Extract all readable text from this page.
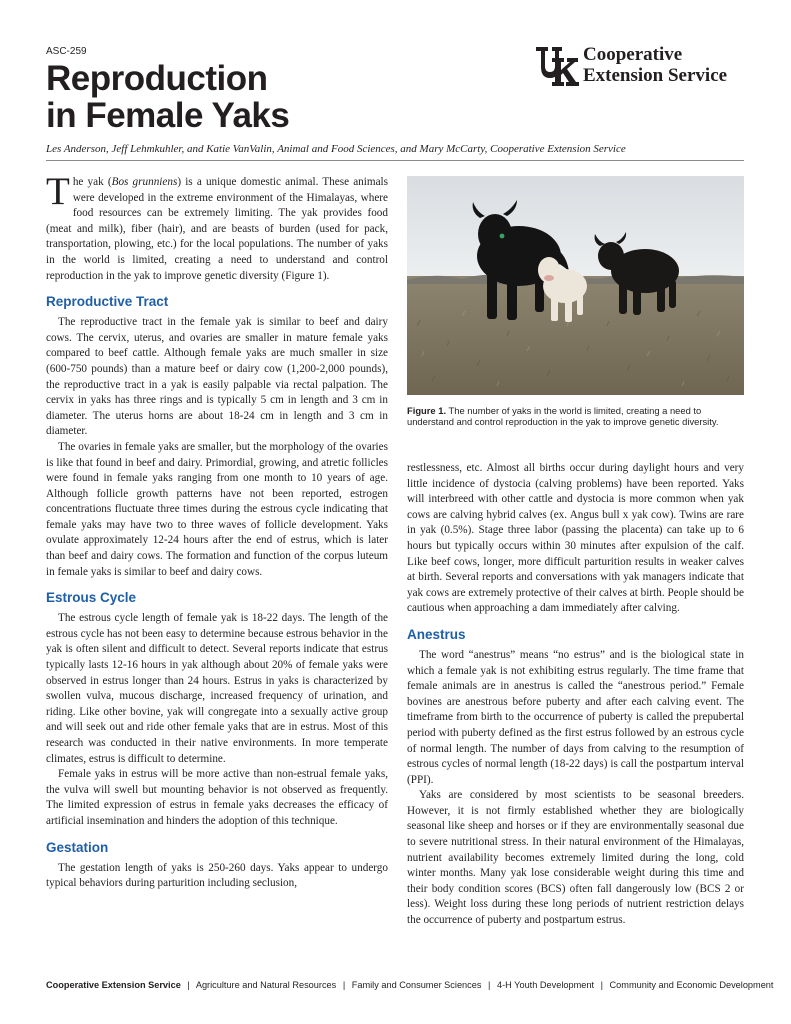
ASC-259
Reproduction
in Female Yaks
Cooperative
Extension Service
Les Anderson, Jeff Lehmkuhler, and Katie VanValin, Animal and Food Sciences, and Mary McCarty, Cooperative Extension Service

The yak (Bos grunniens) is a unique domestic animal. These animals were developed in the extreme environment of the Himalayas, where food resources can be extremely limiting. The yak provides food (meat and milk), fiber (hair), and are beasts of burden (used for pack, transportation, plowing, etc.) for the local populations. The number of yaks in the world is limited, creating a need to understand and control reproduction in the yak to improve genetic diversity (Figure 1).

Reproductive Tract

The reproductive tract in the female yak is similar to beef and dairy cows. The cervix, uterus, and ovaries are smaller in mature female yaks compared to beef cattle. Although female yaks are much smaller in size (600-750 pounds) than a mature beef or dairy cow (1,200-2,000 pounds), the reproductive tract in a yak is easily palpable via rectal palpation. The cervix in yaks has three rings and is typically 5 cm in length and 3 cm in diameter. The uterus horns are about 18-24 cm in length and 3 cm in diameter.

The ovaries in female yaks are smaller, but the morphology of the ovaries is like that found in beef and dairy. Primordial, growing, and atretic follicles were found in female yaks ranging from one month to 10 years of age. Although follicle growth patterns have not been reported, estrogen concentrations fluctuate three times during the estrous cycle indicating that female yaks may have two to three waves of follicle development. Yaks ovulate approximately 12-24 hours after the end of estrus, which is later than beef and dairy cows. The formation and function of the corpus luteum in female yaks is similar to beef and dairy cows.

Estrous Cycle

The estrous cycle length of female yak is 18-22 days. The length of the estrous cycle has not been easy to determine because estrous behavior in the yak is often silent and difficult to detect. Several reports indicate that estrus typically lasts 12-16 hours in yak although about 20% of female yaks were observed in estrus longer than 24 hours. Estrus in yaks is characterized by swollen vulva, mucous discharge, increased frequency of urination, and riding. Like other bovine, yak will congregate into a sexually active group and will seek out and ride other female yaks that are in estrus. Most of this research was conducted in their native environments. In more temperate climates, estrus is difficult to determine.

Female yaks in estrus will be more active than non-estrual female yaks, the vulva will swell but mounting behavior is not observed as frequently. The limited expression of estrus in female yaks decreases the efficacy of artificial insemination and hinders the adoption of this technique.

Gestation

The gestation length of yaks is 250-260 days. Yaks appear to undergo typical behaviors during parturition including seclusion,

Figure 1. The number of yaks in the world is limited, creating a need to understand and control reproduction in the yak to improve genetic diversity.

restlessness, etc. Almost all births occur during daylight hours and very little incidence of dystocia (calving problems) have been reported. Yaks will interbreed with other cattle and dystocia is more common when yak cows are calving hybrid calves (ex. Angus bull x yak cow). Twins are rare in yak (0.5%). Stage three labor (passing the placenta) can take up to 6 hours but typically occurs within 30 minutes after expulsion of the calf. Like beef cows, longer, more difficult parturition results in weaker calves at birth. Several reports and conversations with yak managers indicate that yak cows are extremely protective of their calves at birth. People should be cautious when approaching a dam immediately after calving.

Anestrus

The word “anestrus” means “no estrus” and is the biological state in which a female yak is not exhibiting estrus regularly. The time frame that female animals are in anestrus is called the “anestrous period.” Female bovines are anestrous before puberty and after each calving event. The timeframe from birth to the occurrence of puberty is called the prepubertal period with puberty defined as the first estrus followed by an estrous cycle of normal length. The number of days from calving to the resumption of estrous cycles of normal length (18-22 days) is call the postpartum interval (PPI).

Yaks are considered by most scientists to be seasonal breeders. However, it is not firmly established whether they are biologically seasonal like sheep and horses or if they are environmentally seasonal due to severe nutritional stress. In their natural environment of the Himalayas, nutrient availability becomes extremely limited during the long, cold winter months. Many yak lose considerable weight during this time and their body condition scores (BCS) often fall dangerously low (BCS 2 or less). Weight loss during these long periods of nutrient restriction delays the occurrence of puberty and postpartum estrus.

Cooperative Extension Service | Agriculture and Natural Resources | Family and Consumer Sciences | 4-H Youth Development | Community and Economic Development
